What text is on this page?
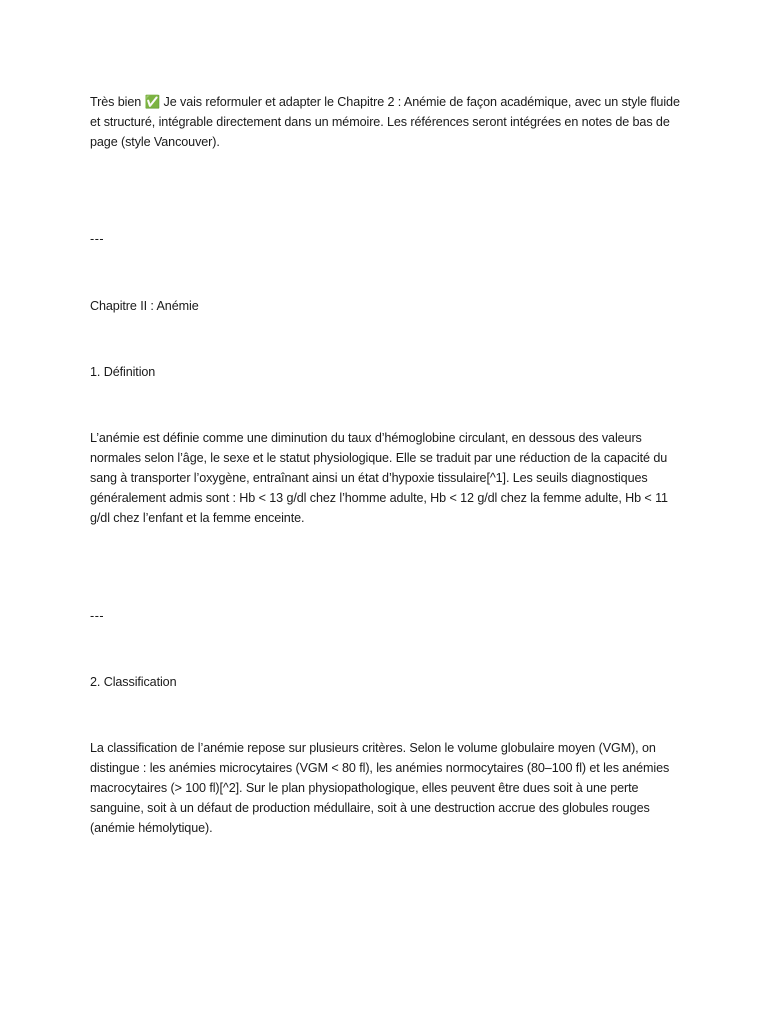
Très bien ✅ Je vais reformuler et adapter le Chapitre 2 : Anémie de façon académique, avec un style fluide et structuré, intégrable directement dans un mémoire. Les références seront intégrées en notes de bas de page (style Vancouver).

---

Chapitre II : Anémie

1. Définition

L’anémie est définie comme une diminution du taux d’hémoglobine circulant, en dessous des valeurs normales selon l’âge, le sexe et le statut physiologique. Elle se traduit par une réduction de la capacité du sang à transporter l’oxygène, entraînant ainsi un état d’hypoxie tissulaire[^1]. Les seuils diagnostiques généralement admis sont : Hb < 13 g/dl chez l’homme adulte, Hb < 12 g/dl chez la femme adulte, Hb < 11 g/dl chez l’enfant et la femme enceinte.

---

2. Classification

La classification de l’anémie repose sur plusieurs critères. Selon le volume globulaire moyen (VGM), on distingue : les anémies microcytaires (VGM < 80 fl), les anémies normocytaires (80–100 fl) et les anémies macrocytaires (> 100 fl)[^2]. Sur le plan physiopathologique, elles peuvent être dues soit à une perte sanguine, soit à un défaut de production médullaire, soit à une destruction accrue des globules rouges (anémie hémolytique).
